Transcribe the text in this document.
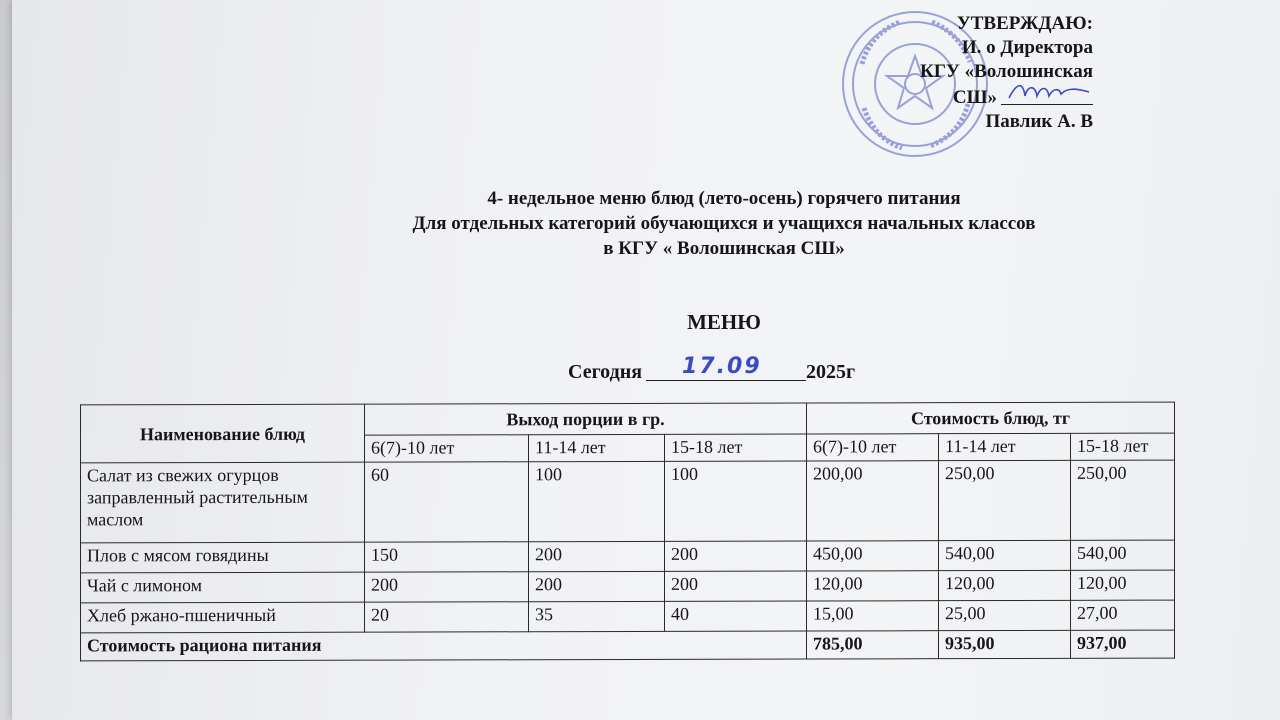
УТВЕРЖДАЮ:
И. о Директора
КГУ «Волошинская
СШ»
Павлик А. В
4- недельное меню блюд (лето-осень) горячего питания
Для отдельных категорий обучающихся и учащихся начальных классов
в КГУ « Волошинская СШ»
МЕНЮ
Сегодня 17.09 2025г
Наименование блюд	Выход порции в гр.			Стоимость блюд, тг		
	6(7)-10 лет	11-14 лет	15-18 лет	6(7)-10 лет	11-14 лет	15-18 лет
Салат из свежих огурцов заправленный растительным маслом	60	100	100	200,00	250,00	250,00
Плов с мясом говядины	150	200	200	450,00	540,00	540,00
Чай с лимоном	200	200	200	120,00	120,00	120,00
Хлеб ржано-пшеничный	20	35	40	15,00	25,00	27,00
Стоимость рациона питания				785,00	935,00	937,00
